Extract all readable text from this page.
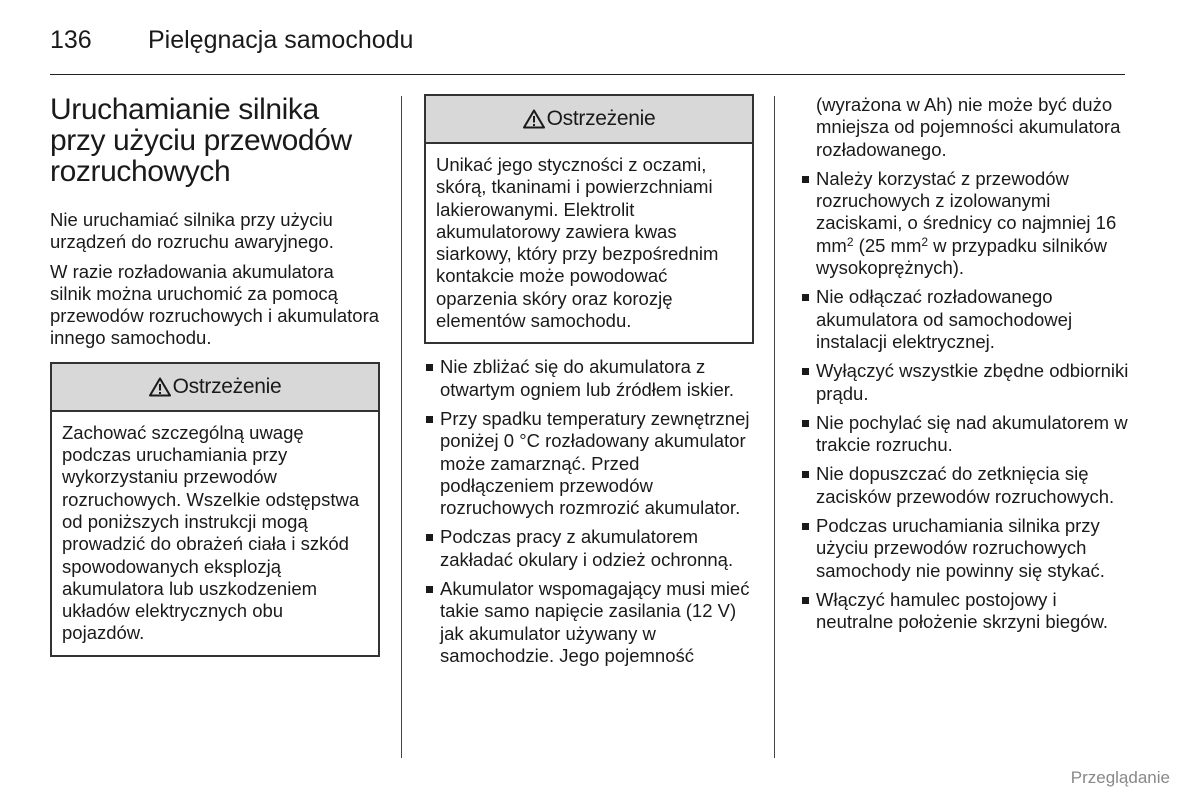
136 Pielęgnacja samochodu
Uruchamianie silnika przy użyciu przewodów rozruchowych

Nie uruchamiać silnika przy użyciu urządzeń do rozruchu awaryjnego.

W razie rozładowania akumulatora silnik można uruchomić za pomocą przewodów rozruchowych i akumulatora innego samochodu.

Ostrzeżenie
Zachować szczególną uwagę podczas uruchamiania przy wykorzystaniu przewodów rozruchowych. Wszelkie odstępstwa od poniższych instrukcji mogą prowadzić do obrażeń ciała i szkód spowodowanych eksplozją akumulatora lub uszkodzeniem układów elektrycznych obu pojazdów.
Ostrzeżenie
Unikać jego styczności z oczami, skórą, tkaninami i powierzchniami lakierowanymi. Elektrolit akumulatorowy zawiera kwas siarkowy, który przy bezpośrednim kontakcie może powodować oparzenia skóry oraz korozję elementów samochodu.
Nie zbliżać się do akumulatora z otwartym ogniem lub źródłem iskier.
Przy spadku temperatury zewnętrznej poniżej 0 °C rozładowany akumulator może zamarznąć. Przed podłączeniem przewodów rozruchowych rozmrozić akumulator.
Podczas pracy z akumulatorem zakładać okulary i odzież ochronną.
Akumulator wspomagający musi mieć takie samo napięcie zasilania (12 V) jak akumulator używany w samochodzie. Jego pojemność
(wyrażona w Ah) nie może być dużo mniejsza od pojemności akumulatora rozładowanego.
Należy korzystać z przewodów rozruchowych z izolowanymi zaciskami, o średnicy co najmniej 16 $mm^2$ (25 $mm^2$ w przypadku silników wysokoprężnych).
Nie odłączać rozładowanego akumulatora od samochodowej instalacji elektrycznej.
Wyłączyć wszystkie zbędne odbiorniki prądu.
Nie pochylać się nad akumulatorem w trakcie rozruchu.
Nie dopuszczać do zetknięcia się zacisków przewodów rozruchowych.
Podczas uruchamiania silnika przy użyciu przewodów rozruchowych samochody nie powinny się stykać.
Włączyć hamulec postojowy i neutralne położenie skrzyni biegów.
Przeglądanie
